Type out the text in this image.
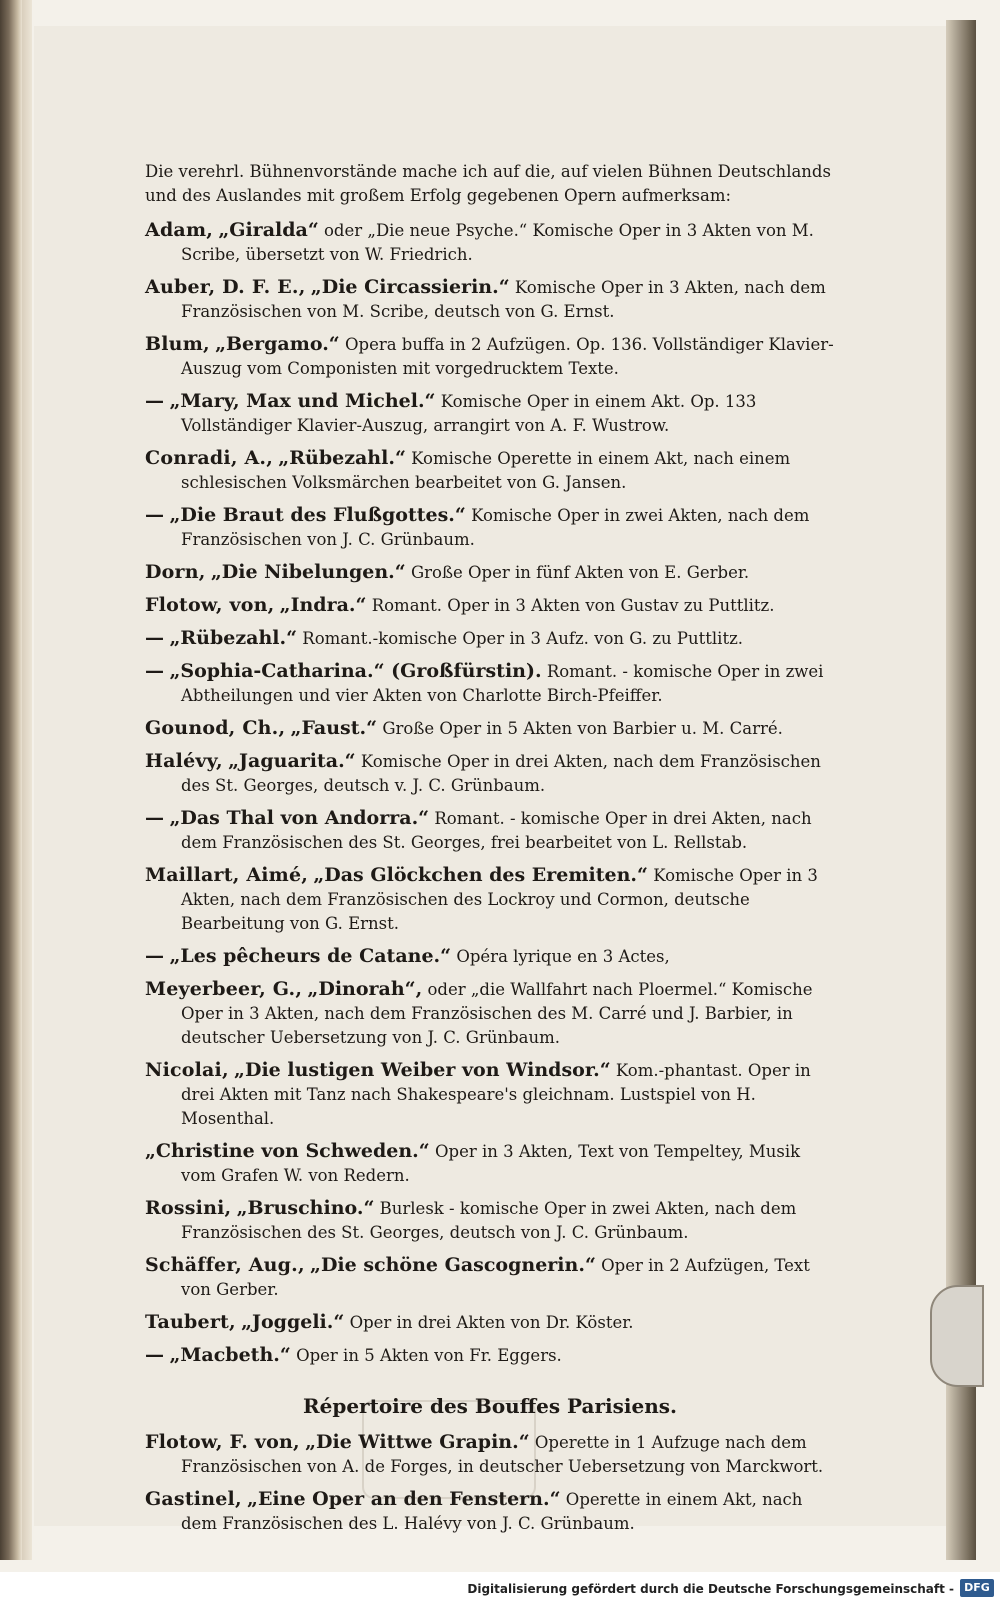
Die verehrl. Bühnenvorstände mache ich auf die, auf vielen Bühnen Deutschlands und des Auslandes mit großem Erfolg gegebenen Opern aufmerksam:

Adam, „Giralda“ oder „Die neue Psyche.“ Komische Oper in 3 Akten von M. Scribe, übersetzt von W. Friedrich.

Auber, D. F. E., „Die Circassierin.“ Komische Oper in 3 Akten, nach dem Französischen von M. Scribe, deutsch von G. Ernst.

Blum, „Bergamo.“ Opera buffa in 2 Aufzügen. Op. 136. Vollständiger Klavier-Auszug vom Componisten mit vorgedrucktem Texte.

— „Mary, Max und Michel.“ Komische Oper in einem Akt. Op. 133 Vollständiger Klavier-Auszug, arrangirt von A. F. Wustrow.

Conradi, A., „Rübezahl.“ Komische Operette in einem Akt, nach einem schlesischen Volksmärchen bearbeitet von G. Jansen.

— „Die Braut des Flußgottes.“ Komische Oper in zwei Akten, nach dem Französischen von J. C. Grünbaum.

Dorn, „Die Nibelungen.“ Große Oper in fünf Akten von E. Gerber.

Flotow, von, „Indra.“ Romant. Oper in 3 Akten von Gustav zu Puttlitz.

— „Rübezahl.“ Romant.-komische Oper in 3 Aufz. von G. zu Puttlitz.

— „Sophia-Catharina.“ (Großfürstin). Romant. - komische Oper in zwei Abtheilungen und vier Akten von Charlotte Birch-Pfeiffer.

Gounod, Ch., „Faust.“ Große Oper in 5 Akten von Barbier u. M. Carré.

Halévy, „Jaguarita.“ Komische Oper in drei Akten, nach dem Französischen des St. Georges, deutsch v. J. C. Grünbaum.

— „Das Thal von Andorra.“ Romant. - komische Oper in drei Akten, nach dem Französischen des St. Georges, frei bearbeitet von L. Rellstab.

Maillart, Aimé, „Das Glöckchen des Eremiten.“ Komische Oper in 3 Akten, nach dem Französischen des Lockroy und Cormon, deutsche Bearbeitung von G. Ernst.

— „Les pêcheurs de Catane.“ Opéra lyrique en 3 Actes,

Meyerbeer, G., „Dinorah“, oder „die Wallfahrt nach Ploermel.“ Komische Oper in 3 Akten, nach dem Französischen des M. Carré und J. Barbier, in deutscher Uebersetzung von J. C. Grünbaum.

Nicolai, „Die lustigen Weiber von Windsor.“ Kom.-phantast. Oper in drei Akten mit Tanz nach Shakespeare's gleichnam. Lustspiel von H. Mosenthal.

„Christine von Schweden.“ Oper in 3 Akten, Text von Tempeltey, Musik vom Grafen W. von Redern.

Rossini, „Bruschino.“ Burlesk - komische Oper in zwei Akten, nach dem Französischen des St. Georges, deutsch von J. C. Grünbaum.

Schäffer, Aug., „Die schöne Gascognerin.“ Oper in 2 Aufzügen, Text von Gerber.

Taubert, „Joggeli.“ Oper in drei Akten von Dr. Köster.

— „Macbeth.“ Oper in 5 Akten von Fr. Eggers.

Répertoire des Bouffes Parisiens.

Flotow, F. von, „Die Wittwe Grapin.“ Operette in 1 Aufzuge nach dem Französischen von A. de Forges, in deutscher Uebersetzung von Marckwort.

Gastinel, „Eine Oper an den Fenstern.“ Operette in einem Akt, nach dem Französischen des L. Halévy von J. C. Grünbaum.

Digitalisierung gefördert durch die Deutsche Forschungsgemeinschaft - DFG
